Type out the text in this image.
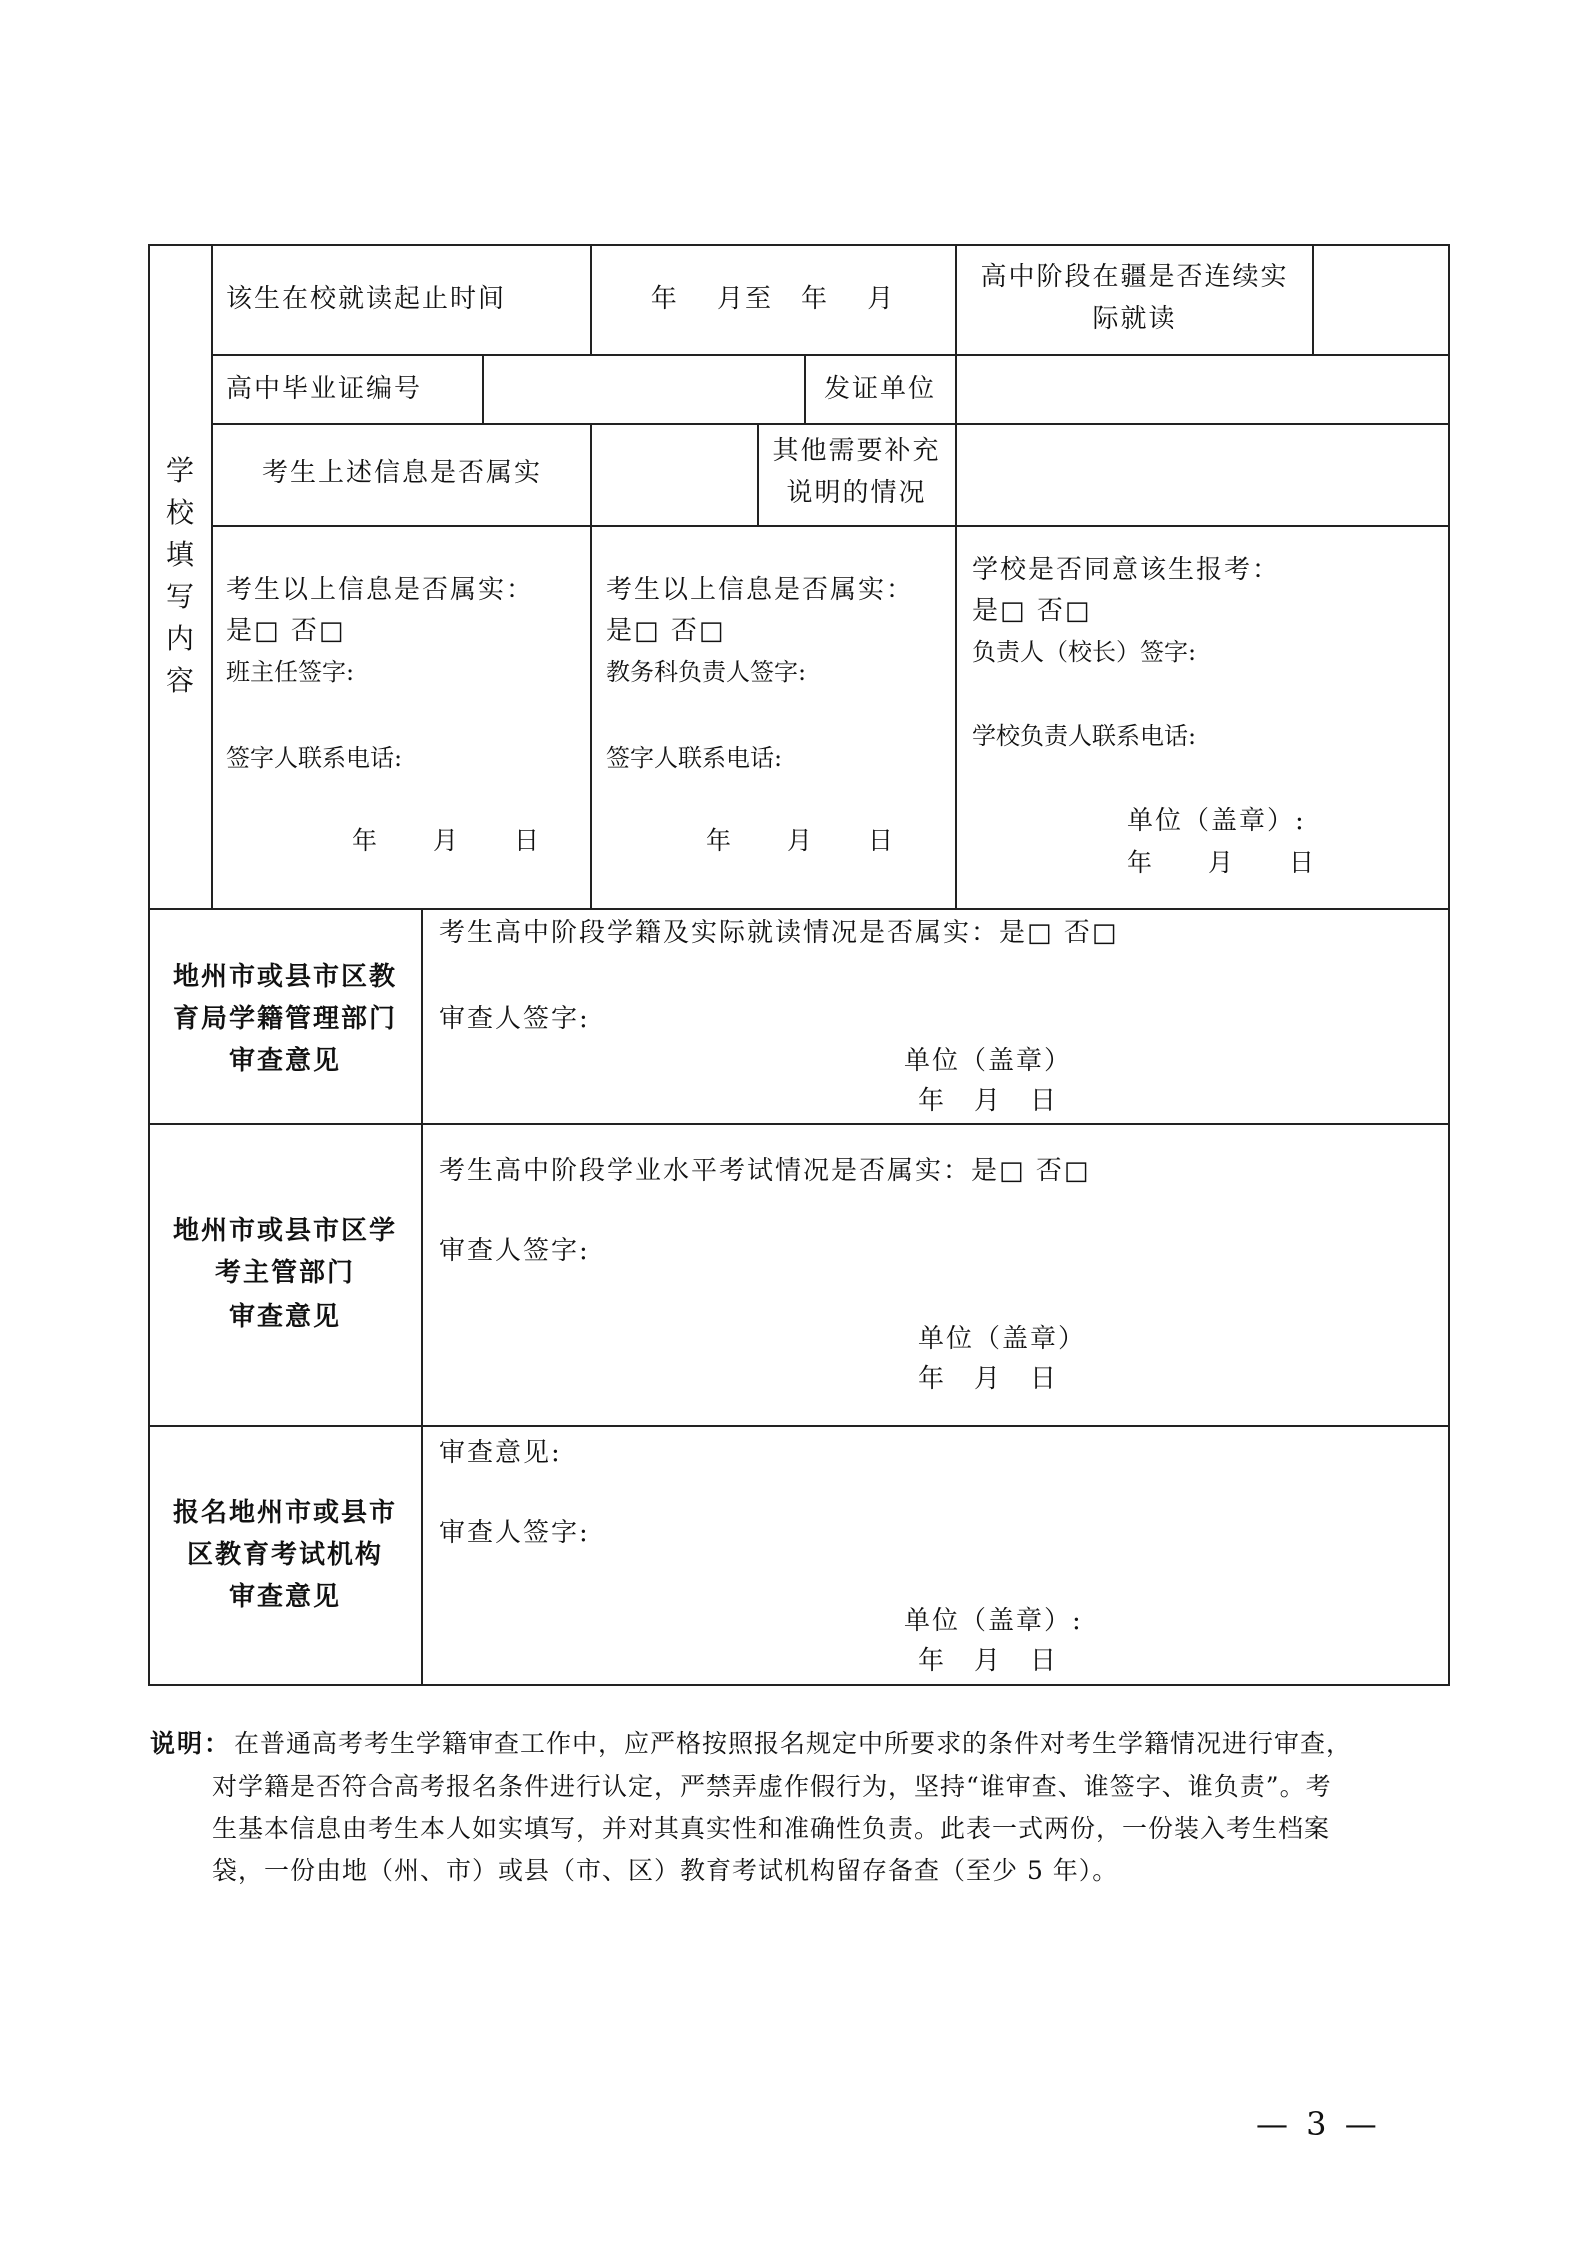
学
校
填
写
内
容
该生在校就读起止时间	年　 月至　年　 月
高中阶段在疆是否连续实
际就读
高中毕业证编号	发证单位
考生上述信息是否属实
其他需要补充
说明的情况
考生以上信息是否属实：
是□ 否□
班主任签字:
签字人联系电话:
年　　月　　日
考生以上信息是否属实：
是□ 否□
教务科负责人签字:
签字人联系电话:
年　　月　　日
学校是否同意该生报考：
是□ 否□
负责人（校长）签字:
学校负责人联系电话:
单位（盖章）:
年　　月　　日
地州市或县市区教
育局学籍管理部门
审查意见
考生高中阶段学籍及实际就读情况是否属实：是□ 否□
审查人签字:
单位（盖章）
年　月　日
地州市或县市区学
考主管部门
审查意见
考生高中阶段学业水平考试情况是否属实：是□ 否□
审查人签字:
单位（盖章）
年　月　日
报名地州市或县市
区教育考试机构
审查意见
审查意见:
审查人签字:
单位（盖章）:
年　月　日
说明： 在普通高考考生学籍审查工作中，应严格按照报名规定中所要求的条件对考生学籍情况进行审查，
对学籍是否符合高考报名条件进行认定，严禁弄虚作假行为，坚持“谁审查、谁签字、谁负责”。考
生基本信息由考生本人如实填写，并对其真实性和准确性负责。此表一式两份，一份装入考生档案
袋，一份由地（州、市）或县（市、区）教育考试机构留存备查（至少 5 年）。
— 3 —
